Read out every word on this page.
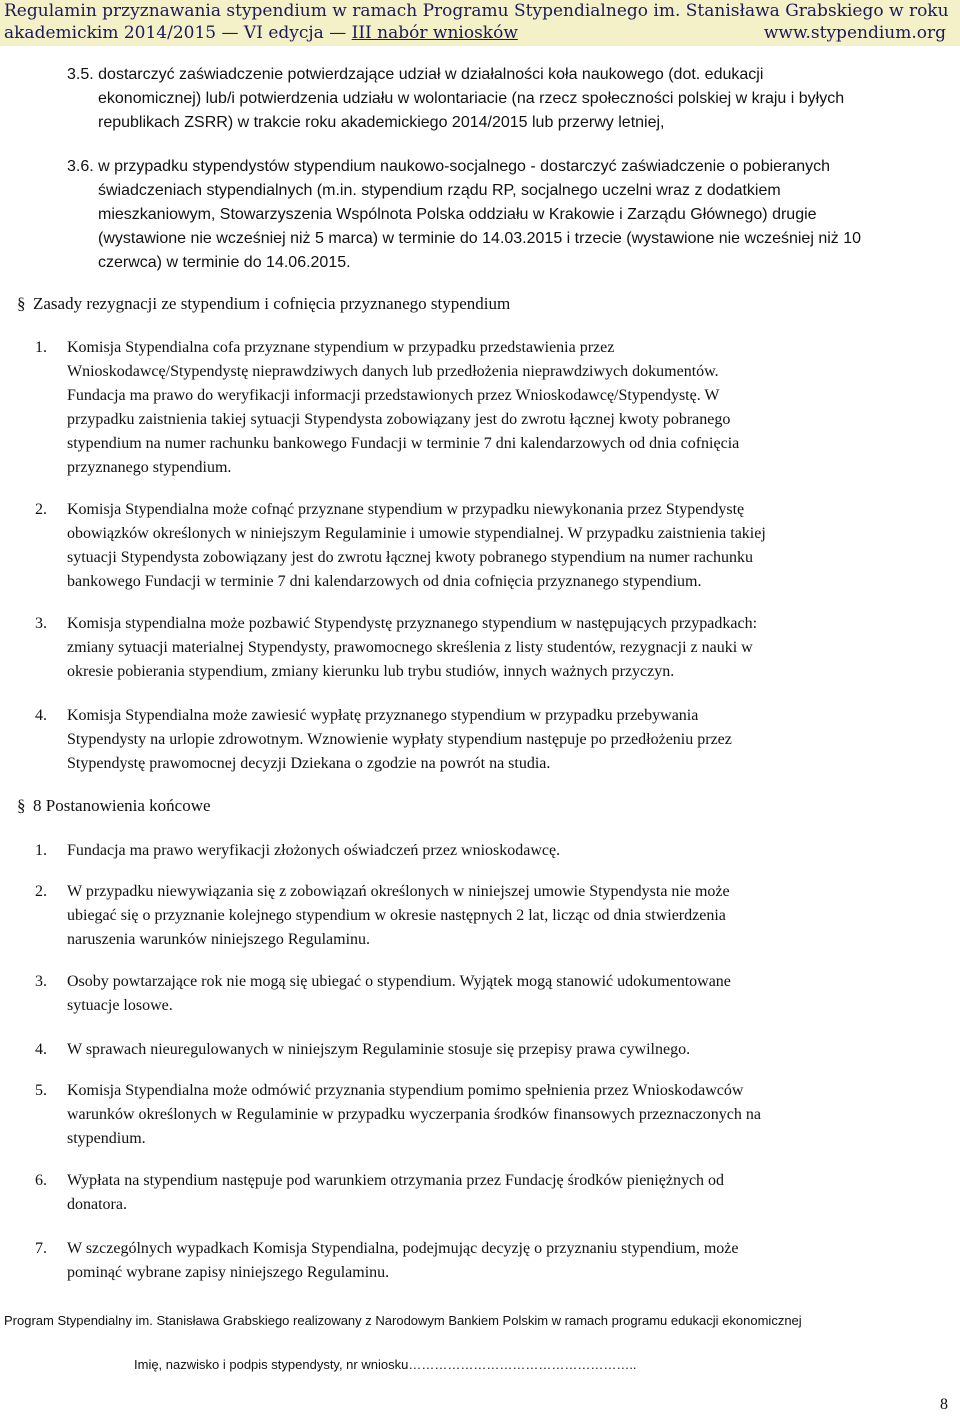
Regulamin przyznawania stypendium w ramach Programu Stypendialnego im. Stanisława Grabskiego w roku
akademickim 2014/2015 — VI edycja — III nabór wniosków	www.stypendium.org
3.5. dostarczyć zaświadczenie potwierdzające udział w działalności koła naukowego (dot. edukacji
ekonomicznej) lub/i potwierdzenia udziału w wolontariacie (na rzecz społeczności polskiej w kraju i byłych
republikach ZSRR) w trakcie roku akademickiego 2014/2015 lub przerwy letniej,
3.6. w przypadku stypendystów stypendium naukowo-socjalnego - dostarczyć zaświadczenie o pobieranych
świadczeniach stypendialnych (m.in. stypendium rządu RP, socjalnego uczelni wraz z dodatkiem
mieszkaniowym, Stowarzyszenia Wspólnota Polska oddziału w Krakowie i Zarządu Głównego) drugie
(wystawione nie wcześniej niż 5 marca) w terminie do 14.03.2015 i trzecie (wystawione nie wcześniej niż 10
czerwca) w terminie do 14.06.2015.
§ Zasady rezygnacji ze stypendium i cofnięcia przyznanego stypendium
1. Komisja Stypendialna cofa przyznane stypendium w przypadku przedstawienia przez
Wnioskodawcę/Stypendystę nieprawdziwych danych lub przedłożenia nieprawdziwych dokumentów.
Fundacja ma prawo do weryfikacji informacji przedstawionych przez Wnioskodawcę/Stypendystę. W
przypadku zaistnienia takiej sytuacji Stypendysta zobowiązany jest do zwrotu łącznej kwoty pobranego
stypendium na numer rachunku bankowego Fundacji w terminie 7 dni kalendarzowych od dnia cofnięcia
przyznanego stypendium.
2. Komisja Stypendialna może cofnąć przyznane stypendium w przypadku niewykonania przez Stypendystę
obowiązków określonych w niniejszym Regulaminie i umowie stypendialnej. W przypadku zaistnienia takiej
sytuacji Stypendysta zobowiązany jest do zwrotu łącznej kwoty pobranego stypendium na numer rachunku
bankowego Fundacji w terminie 7 dni kalendarzowych od dnia cofnięcia przyznanego stypendium.
3. Komisja stypendialna może pozbawić Stypendystę przyznanego stypendium w następujących przypadkach:
zmiany sytuacji materialnej Stypendysty, prawomocnego skreślenia z listy studentów, rezygnacji z nauki w
okresie pobierania stypendium, zmiany kierunku lub trybu studiów, innych ważnych przyczyn.
4. Komisja Stypendialna może zawiesić wypłatę przyznanego stypendium w przypadku przebywania
Stypendysty na urlopie zdrowotnym. Wznowienie wypłaty stypendium następuje po przedłożeniu przez
Stypendystę prawomocnej decyzji Dziekana o zgodzie na powrót na studia.
§ 8 Postanowienia końcowe
1. Fundacja ma prawo weryfikacji złożonych oświadczeń przez wnioskodawcę.
2. W przypadku niewywiązania się z zobowiązań określonych w niniejszej umowie Stypendysta nie może
ubiegać się o przyznanie kolejnego stypendium w okresie następnych 2 lat, licząc od dnia stwierdzenia
naruszenia warunków niniejszego Regulaminu.
3. Osoby powtarzające rok nie mogą się ubiegać o stypendium. Wyjątek mogą stanowić udokumentowane
sytuacje losowe.
4. W sprawach nieuregulowanych w niniejszym Regulaminie stosuje się przepisy prawa cywilnego.
5. Komisja Stypendialna może odmówić przyznania stypendium pomimo spełnienia przez Wnioskodawców
warunków określonych w Regulaminie w przypadku wyczerpania środków finansowych przeznaczonych na
stypendium.
6. Wypłata na stypendium następuje pod warunkiem otrzymania przez Fundację środków pieniężnych od
donatora.
7. W szczególnych wypadkach Komisja Stypendialna, podejmując decyzję o przyznaniu stypendium, może
pominąć wybrane zapisy niniejszego Regulaminu.
Program Stypendialny im. Stanisława Grabskiego realizowany z Narodowym Bankiem Polskim w ramach programu edukacji ekonomicznej
Imię, nazwisko i podpis stypendysty, nr wniosku……………………………………………..
8
